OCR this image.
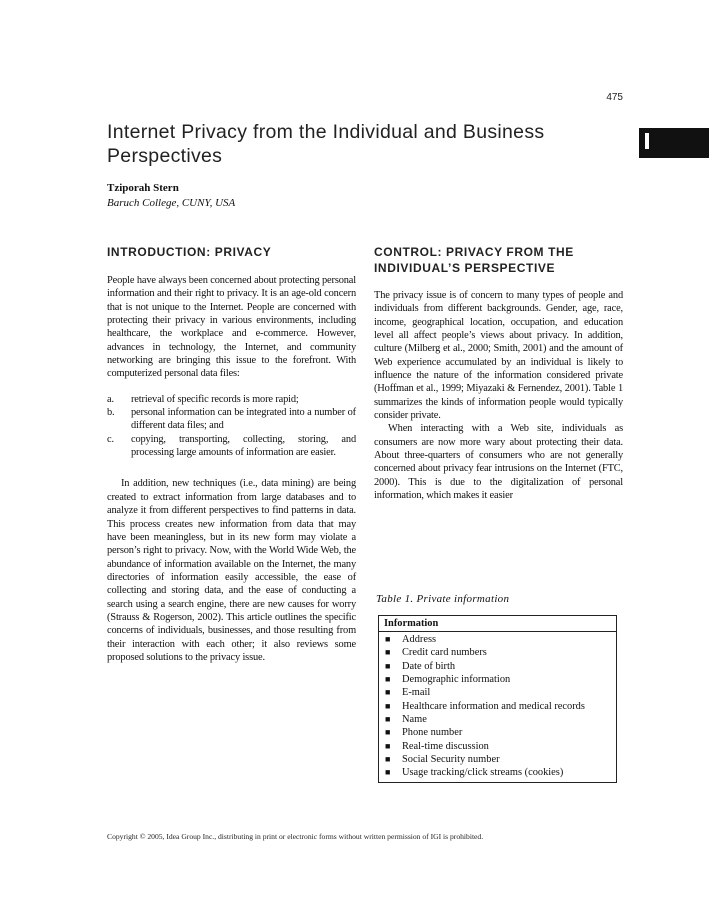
475
Internet Privacy from the Individual and Business Perspectives
Tziporah Stern
Baruch College, CUNY, USA
INTRODUCTION: PRIVACY

People have always been concerned about protecting personal information and their right to privacy. It is an age-old concern that is not unique to the Internet. People are concerned with protecting their privacy in various environments, including healthcare, the workplace and e-commerce. However, advances in technology, the Internet, and community networking are bringing this issue to the forefront. With computerized personal data files:

a. retrieval of specific records is more rapid;
b. personal information can be integrated into a number of different data files; and
c. copying, transporting, collecting, storing, and processing large amounts of information are easier.

In addition, new techniques (i.e., data mining) are being created to extract information from large databases and to analyze it from different perspectives to find patterns in data. This process creates new information from data that may have been meaningless, but in its new form may violate a person’s right to privacy. Now, with the World Wide Web, the abundance of information available on the Internet, the many directories of information easily accessible, the ease of collecting and storing data, and the ease of conducting a search using a search engine, there are new causes for worry (Strauss & Rogerson, 2002). This article outlines the specific concerns of individuals, businesses, and those resulting from their interaction with each other; it also reviews some proposed solutions to the privacy issue.

CONTROL: PRIVACY FROM THE INDIVIDUAL’S PERSPECTIVE

The privacy issue is of concern to many types of people and individuals from different backgrounds. Gender, age, race, income, geographical location, occupation, and education level all affect people’s views about privacy. In addition, culture (Milberg et al., 2000; Smith, 2001) and the amount of Web experience accumulated by an individual is likely to influence the nature of the information considered private (Hoffman et al., 1999; Miyazaki & Fernendez, 2001). Table 1 summarizes the kinds of information people would typically consider private.

When interacting with a Web site, individuals as consumers are now more wary about protecting their data. About three-quarters of consumers who are not generally concerned about privacy fear intrusions on the Internet (FTC, 2000). This is due to the digitalization of personal information, which makes it easier

Table 1. Private information
Information
■ Address
■ Credit card numbers
■ Date of birth
■ Demographic information
■ E-mail
■ Healthcare information and medical records
■ Name
■ Phone number
■ Real-time discussion
■ Social Security number
■ Usage tracking/click streams (cookies)
Copyright © 2005, Idea Group Inc., distributing in print or electronic forms without written permission of IGI is prohibited.
